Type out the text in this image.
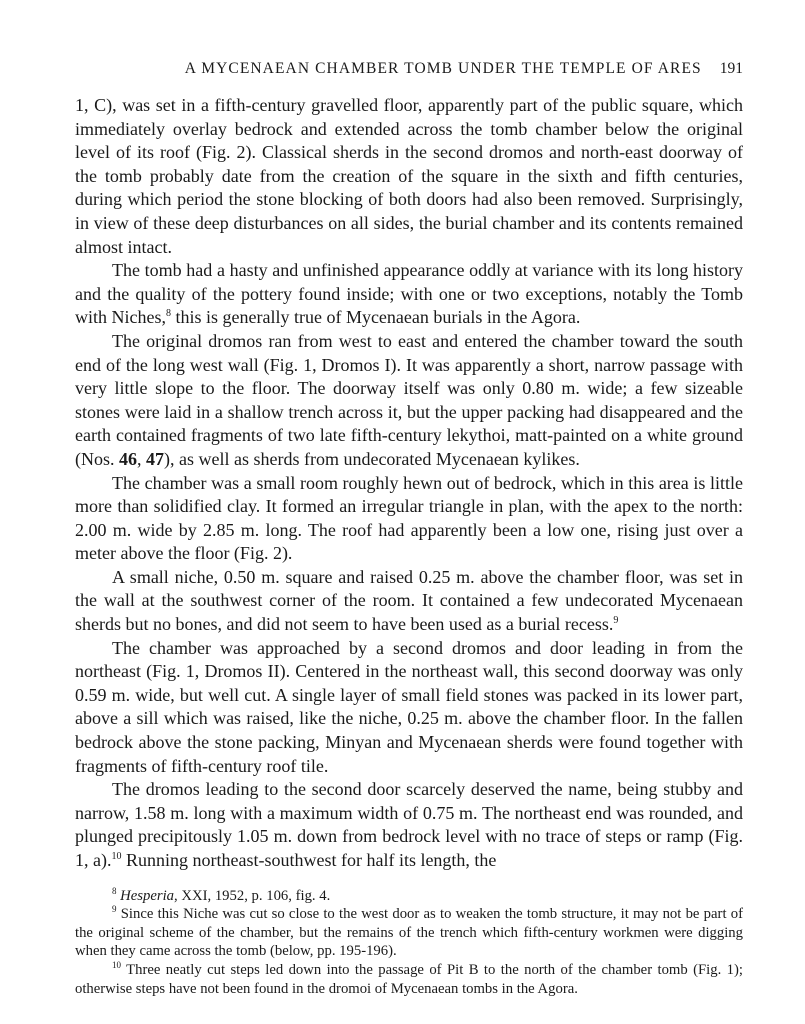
A MYCENAEAN CHAMBER TOMB UNDER THE TEMPLE OF ARES 191

1, C), was set in a fifth-century gravelled floor, apparently part of the public square, which immediately overlay bedrock and extended across the tomb chamber below the original level of its roof (Fig. 2). Classical sherds in the second dromos and north-east doorway of the tomb probably date from the creation of the square in the sixth and fifth centuries, during which period the stone blocking of both doors had also been removed. Surprisingly, in view of these deep disturbances on all sides, the burial chamber and its contents remained almost intact.

The tomb had a hasty and unfinished appearance oddly at variance with its long history and the quality of the pottery found inside; with one or two exceptions, notably the Tomb with Niches,$^8$ this is generally true of Mycenaean burials in the Agora.

The original dromos ran from west to east and entered the chamber toward the south end of the long west wall (Fig. 1, Dromos I). It was apparently a short, narrow passage with very little slope to the floor. The doorway itself was only 0.80 m. wide; a few sizeable stones were laid in a shallow trench across it, but the upper packing had disappeared and the earth contained fragments of two late fifth-century lekythoi, matt-painted on a white ground (Nos. 46, 47), as well as sherds from undecorated Mycenaean kylikes.

The chamber was a small room roughly hewn out of bedrock, which in this area is little more than solidified clay. It formed an irregular triangle in plan, with the apex to the north: 2.00 m. wide by 2.85 m. long. The roof had apparently been a low one, rising just over a meter above the floor (Fig. 2).

A small niche, 0.50 m. square and raised 0.25 m. above the chamber floor, was set in the wall at the southwest corner of the room. It contained a few undecorated Mycenaean sherds but no bones, and did not seem to have been used as a burial recess.$^9$

The chamber was approached by a second dromos and door leading in from the northeast (Fig. 1, Dromos II). Centered in the northeast wall, this second doorway was only 0.59 m. wide, but well cut. A single layer of small field stones was packed in its lower part, above a sill which was raised, like the niche, 0.25 m. above the chamber floor. In the fallen bedrock above the stone packing, Minyan and Mycenaean sherds were found together with fragments of fifth-century roof tile.

The dromos leading to the second door scarcely deserved the name, being stubby and narrow, 1.58 m. long with a maximum width of 0.75 m. The northeast end was rounded, and plunged precipitously 1.05 m. down from bedrock level with no trace of steps or ramp (Fig. 1, a).$^{10}$ Running northeast-southwest for half its length, the

$^8$ Hesperia, XXI, 1952, p. 106, fig. 4.

$^9$ Since this Niche was cut so close to the west door as to weaken the tomb structure, it may not be part of the original scheme of the chamber, but the remains of the trench which fifth-century workmen were digging when they came across the tomb (below, pp. 195-196).

$^{10}$ Three neatly cut steps led down into the passage of Pit B to the north of the chamber tomb (Fig. 1); otherwise steps have not been found in the dromoi of Mycenaean tombs in the Agora.
